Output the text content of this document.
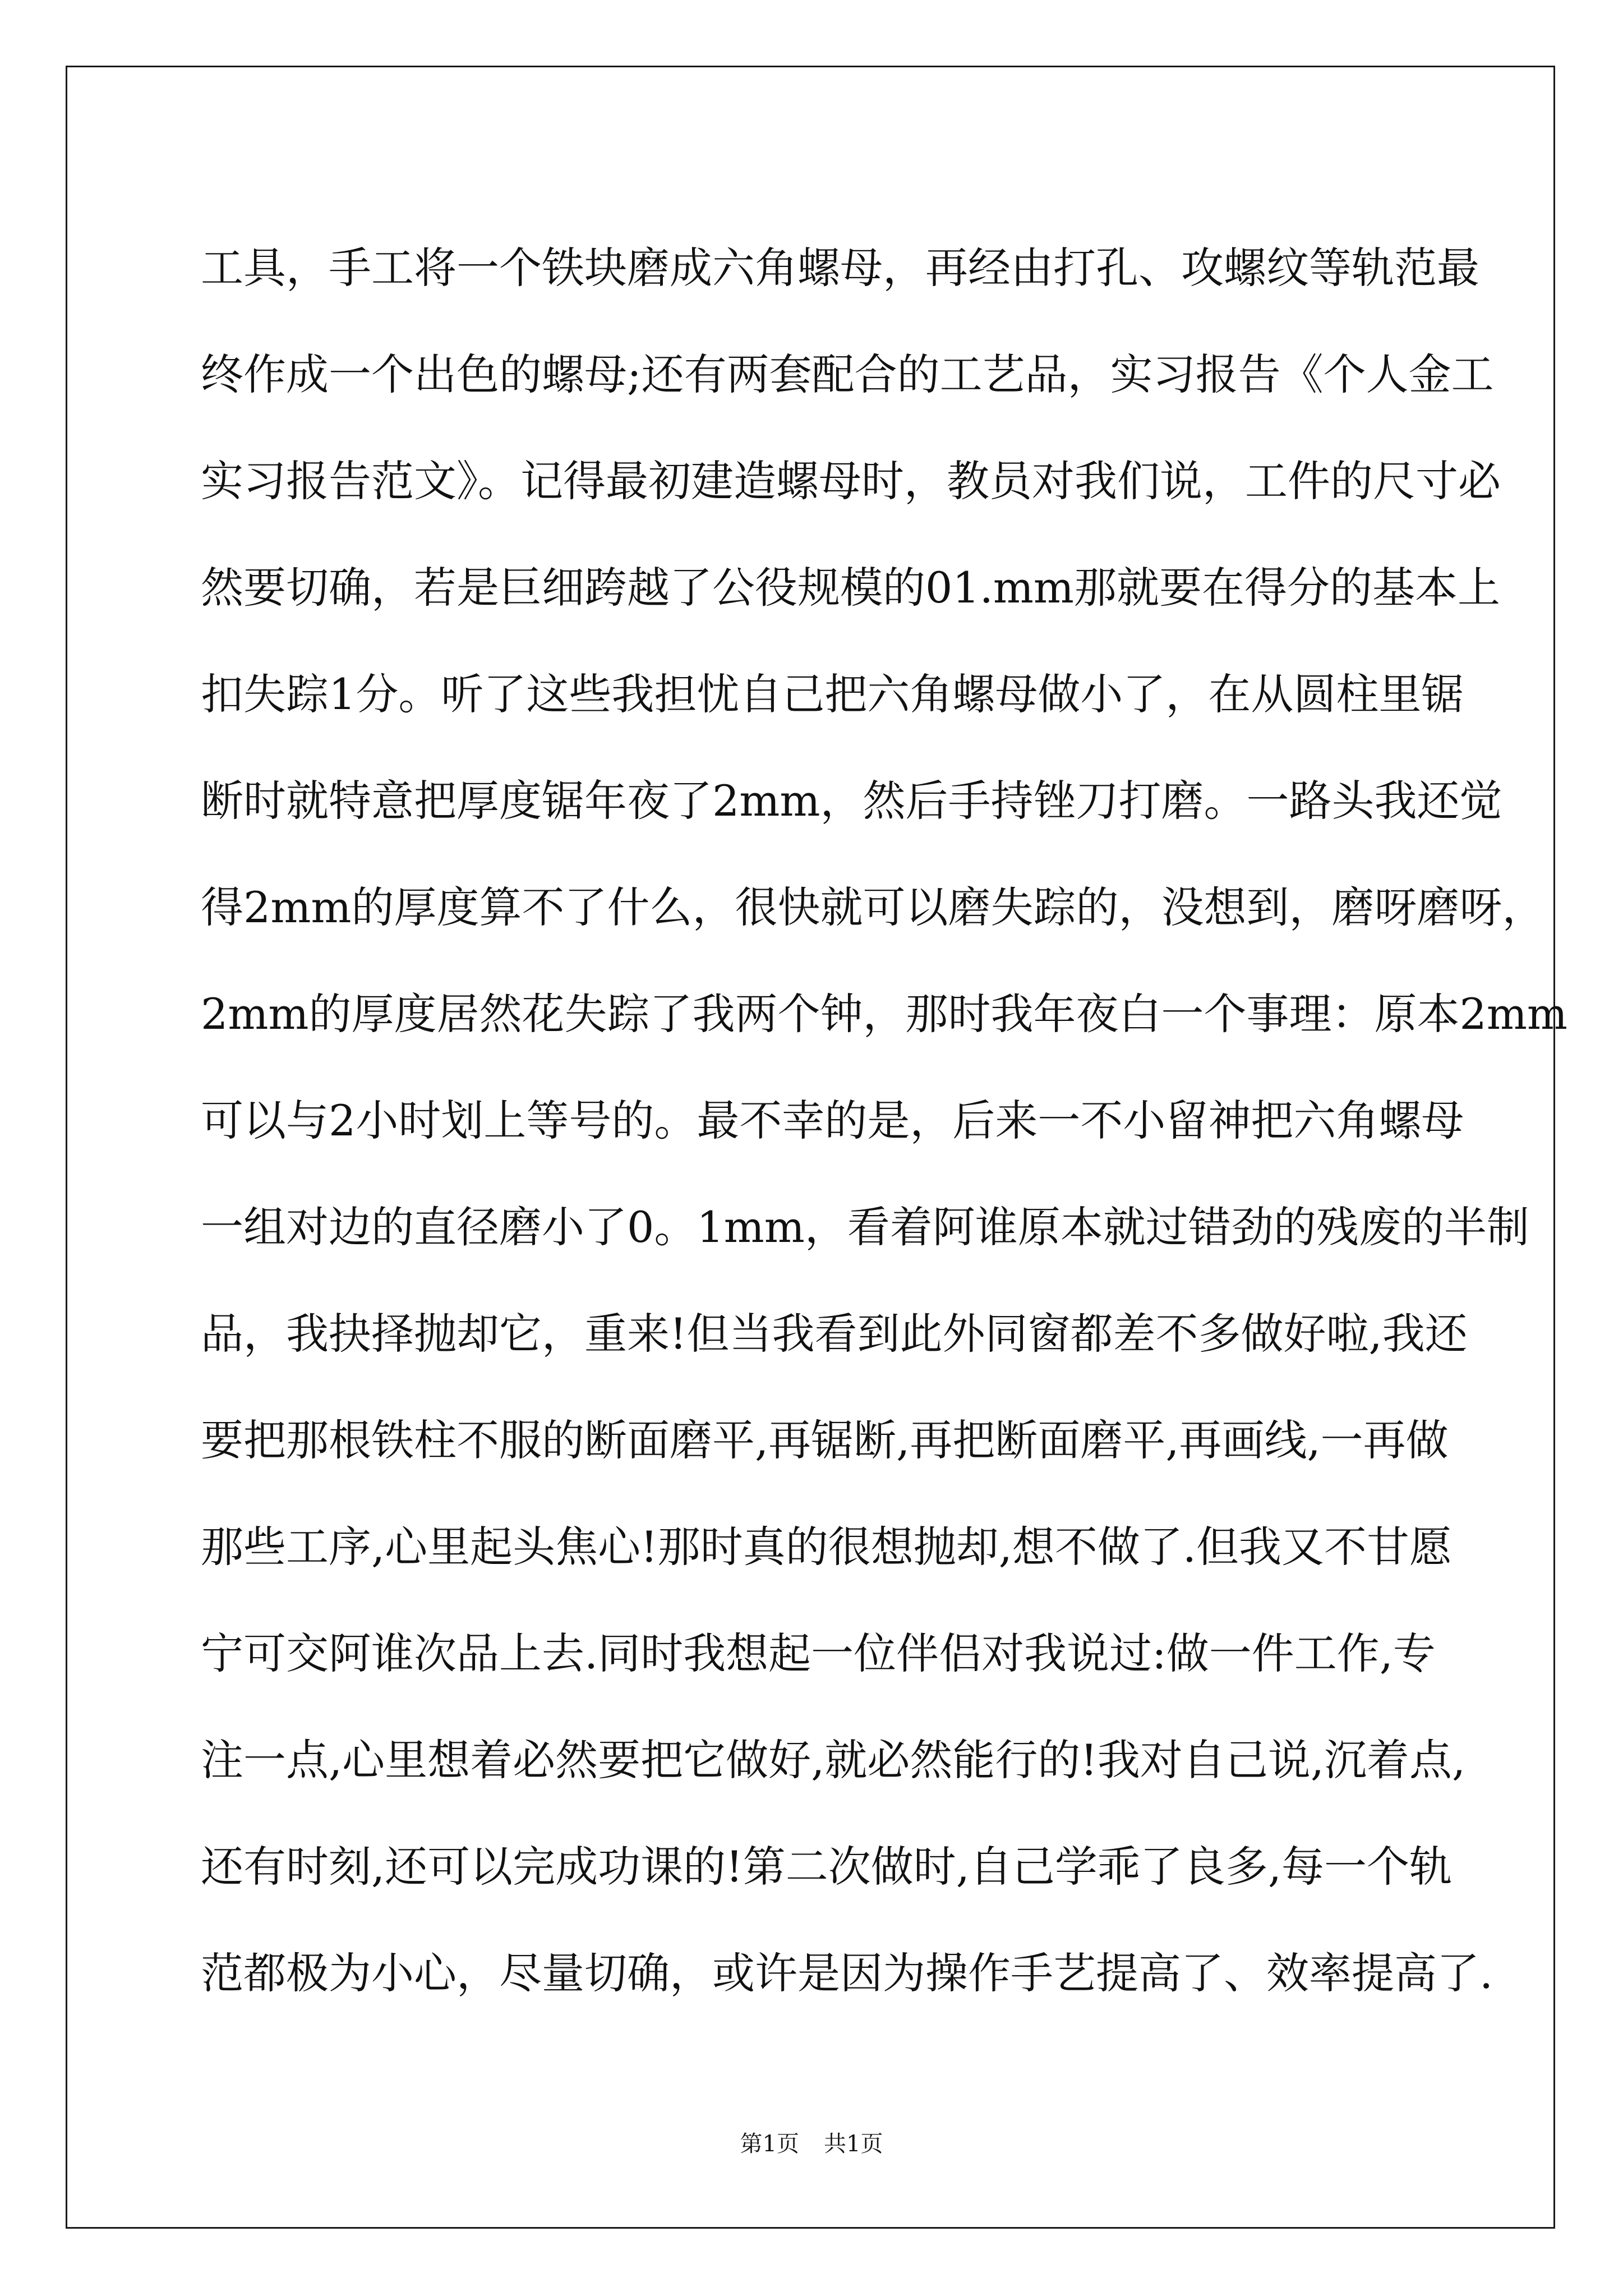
工具，手工将一个铁块磨成六角螺母，再经由打孔、攻螺纹等轨范最

终作成一个出色的螺母;还有两套配合的工艺品，实习报告《个人金工

实习报告范文》。记得最初建造螺母时，教员对我们说，工件的尺寸必

然要切确，若是巨细跨越了公役规模的01.mm那就要在得分的基本上

扣失踪1分。听了这些我担忧自己把六角螺母做小了，在从圆柱里锯

断时就特意把厚度锯年夜了2mm，然后手持锉刀打磨。一路头我还觉

得2mm的厚度算不了什么，很快就可以磨失踪的，没想到，磨呀磨呀，

2mm的厚度居然花失踪了我两个钟，那时我年夜白一个事理：原本2mm

可以与2小时划上等号的。最不幸的是，后来一不小留神把六角螺母

一组对边的直径磨小了0。1mm，看着阿谁原本就过错劲的残废的半制

品，我抉择抛却它，重来!但当我看到此外同窗都差不多做好啦,我还

要把那根铁柱不服的断面磨平,再锯断,再把断面磨平,再画线,一再做

那些工序,心里起头焦心!那时真的很想抛却,想不做了.但我又不甘愿

宁可交阿谁次品上去.同时我想起一位伴侣对我说过:做一件工作,专

注一点,心里想着必然要把它做好,就必然能行的!我对自己说,沉着点,

还有时刻,还可以完成功课的!第二次做时,自己学乖了良多,每一个轨

范都极为小心，尽量切确，或许是因为操作手艺提高了、效率提高了.

第1页 共1页
